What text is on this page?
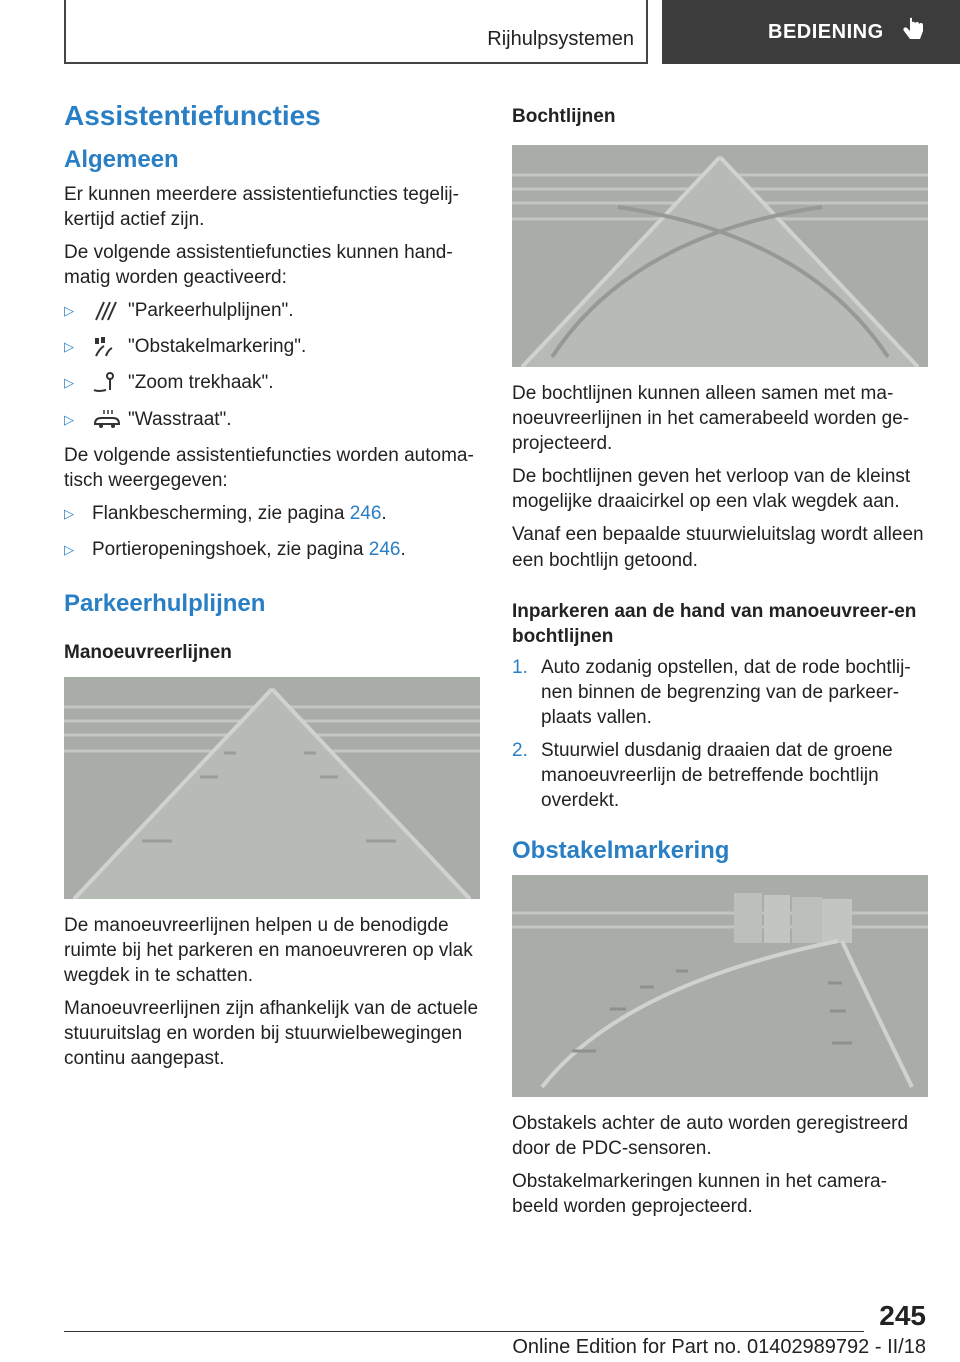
Rijhulpsystemen	BEDIENING
Assistentiefuncties
Algemeen

Er kunnen meerdere assistentiefuncties tegelij‐kertijd actief zijn.

De volgende assistentiefuncties kunnen hand‐matig worden geactiveerd:

▷	"Parkeerhulplijnen".
▷	"Obstakelmarkering".
▷	"Zoom trekhaak".
▷	"Wasstraat".

De volgende assistentiefuncties worden automa‐tisch weergegeven:

▷ Flankbescherming, zie pagina 246.
▷ Portieropeningshoek, zie pagina 246.
Parkeerhulplijnen
Manoeuvreerlijnen

De manoeuvreerlijnen helpen u de benodigde ruimte bij het parkeren en manoeuvreren op vlak wegdek in te schatten.

Manoeuvreerlijnen zijn afhankelijk van de actuele stuuruitslag en worden bij stuurwielbewegingen continu aangepast.

Bochtlijnen

De bochtlijnen kunnen alleen samen met ma‐noeuvreerlijnen in het camerabeeld worden ge‐projecteerd.

De bochtlijnen geven het verloop van de kleinst mogelijke draaicirkel op een vlak wegdek aan.

Vanaf een bepaalde stuurwieluitslag wordt alleen een bochtlijn getoond.

Inparkeren aan de hand van manoeuvreer‐en bochtlijnen
1. Auto zodanig opstellen, dat de rode bochtlij‐nen binnen de begrenzing van de parkeer‐plaats vallen.
2. Stuurwiel dusdanig draaien dat de groene manoeuvreerlijn de betreffende bochtlijn overdekt.
Obstakelmarkering

Obstakels achter de auto worden geregistreerd door de PDC-sensoren.

Obstakelmarkeringen kunnen in het camera‐beeld worden geprojecteerd.

245
Online Edition for Part no. 01402989792 - II/18
